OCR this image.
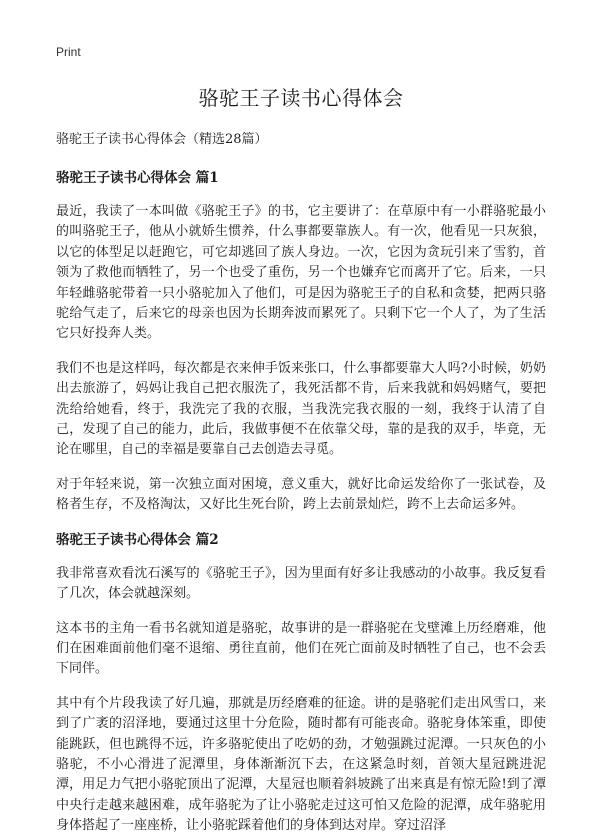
Print
骆驼王子读书心得体会
骆驼王子读书心得体会（精选28篇）
骆驼王子读书心得体会 篇1

最近，我读了一本叫做《骆驼王子》的书，它主要讲了：在草原中有一小群骆驼最小的叫骆驼王子，他从小就娇生惯养，什么事都要靠族人。有一次，他看见一只灰狼，以它的体型足以赶跑它，可它却逃回了族人身边。一次，它因为贪玩引来了雪豹，首领为了救他而牺牲了，另一个也受了重伤，另一个也嫌弃它而离开了它。后来，一只年轻雌骆驼带着一只小骆驼加入了他们，可是因为骆驼王子的自私和贪婪，把两只骆驼给气走了，后来它的母亲也因为长期奔波而累死了。只剩下它一个人了，为了生活它只好投奔人类。

我们不也是这样吗，每次都是衣来伸手饭来张口，什么事都要靠大人吗?小时候，奶奶出去旅游了，妈妈让我自己把衣服洗了，我死活都不肯，后来我就和妈妈赌气，要把洗给给她看，终于，我洗完了我的衣服，当我洗完我衣服的一刻，我终于认清了自己，发现了自己的能力，此后，我做事便不在依靠父母，靠的是我的双手，毕竟，无论在哪里，自己的幸福是要靠自己去创造去寻觅。

对于年轻来说，第一次独立面对困境，意义重大，就好比命运发给你了一张试卷，及格者生存，不及格淘汰，又好比生死台阶，跨上去前景灿烂，跨不上去命运多舛。

骆驼王子读书心得体会 篇2

我非常喜欢看沈石溪写的《骆驼王子》，因为里面有好多让我感动的小故事。我反复看了几次，体会就越深刻。

这本书的主角一看书名就知道是骆驼，故事讲的是一群骆驼在戈壁滩上历经磨难，他们在困难面前他们毫不退缩、勇往直前，他们在死亡面前及时牺牲了自己，也不会丢下同伴。

其中有个片段我读了好几遍，那就是历经磨难的征途。讲的是骆驼们走出风雪口，来到了广袤的沼泽地，要通过这里十分危险，随时都有可能丧命。骆驼身体笨重，即使能跳跃，但也跳得不远，许多骆驼使出了吃奶的劲，才勉强跳过泥潭。一只灰色的小骆驼，不小心滑进了泥潭里，身体渐渐沉下去，在这紧急时刻，首领大星冠跳进泥潭，用足力气把小骆驼顶出了泥潭，大星冠也顺着斜坡跳了出来真是有惊无险!到了潭中央行走越来越困难，成年骆驼为了让小骆驼走过这可怕又危险的泥潭，成年骆驼用身体搭起了一座座桥，让小骆驼踩着他们的身体到达对岸。穿过沼泽
